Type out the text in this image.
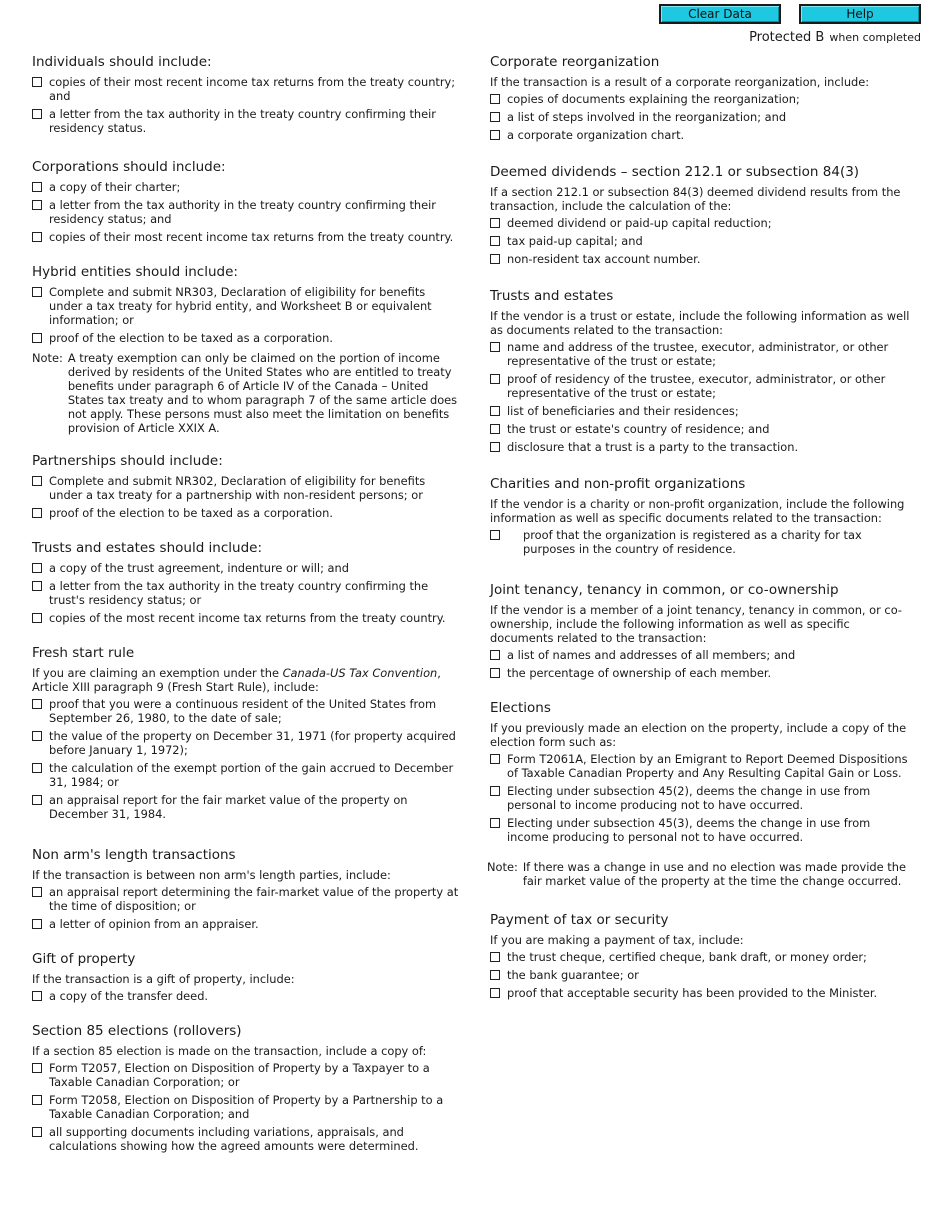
Clear Data	Help
Protected B when completed
Individuals should include:
copies of their most recent income tax returns from the treaty country; and
a letter from the tax authority in the treaty country confirming their residency status.
Corporations should include:
a copy of their charter;
a letter from the tax authority in the treaty country confirming their residency status; and
copies of their most recent income tax returns from the treaty country.
Hybrid entities should include:
Complete and submit NR303, Declaration of eligibility for benefits under a tax treaty for hybrid entity, and Worksheet B or equivalent information; or
proof of the election to be taxed as a corporation.
Note: A treaty exemption can only be claimed on the portion of income derived by residents of the United States who are entitled to treaty benefits under paragraph 6 of Article IV of the Canada – United States tax treaty and to whom paragraph 7 of the same article does not apply. These persons must also meet the limitation on benefits provision of Article XXIX A.
Partnerships should include:
Complete and submit NR302, Declaration of eligibility for benefits under a tax treaty for a partnership with non-resident persons; or
proof of the election to be taxed as a corporation.
Trusts and estates should include:
a copy of the trust agreement, indenture or will; and
a letter from the tax authority in the treaty country confirming the trust's residency status; or
copies of the most recent income tax returns from the treaty country.
Fresh start rule
If you are claiming an exemption under the Canada-US Tax Convention, Article XIII paragraph 9 (Fresh Start Rule), include:
proof that you were a continuous resident of the United States from September 26, 1980, to the date of sale;
the value of the property on December 31, 1971 (for property acquired before January 1, 1972);
the calculation of the exempt portion of the gain accrued to December 31, 1984; or
an appraisal report for the fair market value of the property on December 31, 1984.
Non arm's length transactions
If the transaction is between non arm's length parties, include:
an appraisal report determining the fair-market value of the property at the time of disposition; or
a letter of opinion from an appraiser.
Gift of property
If the transaction is a gift of property, include:
a copy of the transfer deed.
Section 85 elections (rollovers)
If a section 85 election is made on the transaction, include a copy of:
Form T2057, Election on Disposition of Property by a Taxpayer to a Taxable Canadian Corporation; or
Form T2058, Election on Disposition of Property by a Partnership to a Taxable Canadian Corporation; and
all supporting documents including variations, appraisals, and calculations showing how the agreed amounts were determined.
Corporate reorganization
If the transaction is a result of a corporate reorganization, include:
copies of documents explaining the reorganization;
a list of steps involved in the reorganization; and
a corporate organization chart.
Deemed dividends – section 212.1 or subsection 84(3)
If a section 212.1 or subsection 84(3) deemed dividend results from the transaction, include the calculation of the:
deemed dividend or paid-up capital reduction;
tax paid-up capital; and
non-resident tax account number.
Trusts and estates
If the vendor is a trust or estate, include the following information as well as documents related to the transaction:
name and address of the trustee, executor, administrator, or other representative of the trust or estate;
proof of residency of the trustee, executor, administrator, or other representative of the trust or estate;
list of beneficiaries and their residences;
the trust or estate's country of residence; and
disclosure that a trust is a party to the transaction.
Charities and non-profit organizations
If the vendor is a charity or non-profit organization, include the following information as well as specific documents related to the transaction:
proof that the organization is registered as a charity for tax purposes in the country of residence.
Joint tenancy, tenancy in common, or co-ownership
If the vendor is a member of a joint tenancy, tenancy in common, or co-ownership, include the following information as well as specific documents related to the transaction:
a list of names and addresses of all members; and
the percentage of ownership of each member.
Elections
If you previously made an election on the property, include a copy of the election form such as:
Form T2061A, Election by an Emigrant to Report Deemed Dispositions of Taxable Canadian Property and Any Resulting Capital Gain or Loss.
Electing under subsection 45(2), deems the change in use from personal to income producing not to have occurred.
Electing under subsection 45(3), deems the change in use from income producing to personal not to have occurred.
Note: If there was a change in use and no election was made provide the fair market value of the property at the time the change occurred.
Payment of tax or security
If you are making a payment of tax, include:
the trust cheque, certified cheque, bank draft, or money order;
the bank guarantee; or
proof that acceptable security has been provided to the Minister.
